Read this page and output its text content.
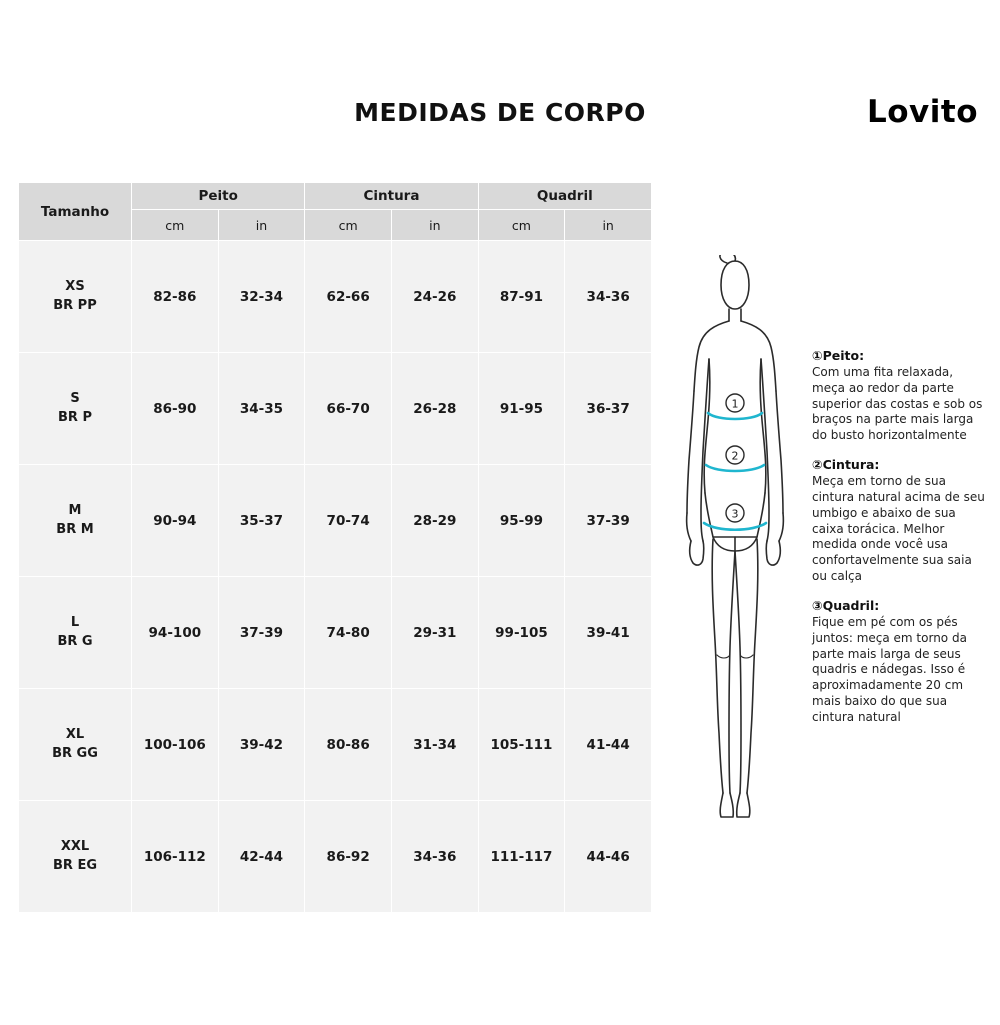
MEDIDAS DE CORPO	Lovito
Tamanho	Peito		Cintura		Quadril	
	cm	in	cm	in	cm	in

XS
BR PP	82-86	32-34	62-66	24-26	87-91	34-36

S
BR P	86-90	34-35	66-70	26-28	91-95	36-37

M
BR M	90-94	35-37	70-74	28-29	95-99	37-39

L
BR G	94-100	37-39	74-80	29-31	99-105	39-41

XL
BR GG	100-106	39-42	80-86	31-34	105-111	41-44

XXL
BR EG	106-112	42-44	86-92	34-36	111-117	44-46
1
2
3
①Peito:
Com uma fita relaxada, meça ao redor da parte superior das costas e sob os braços na parte mais larga do busto horizontalmente
②Cintura:
Meça em torno de sua cintura natural acima de seu umbigo e abaixo de sua caixa torácica. Melhor medida onde você usa confortavelmente sua saia ou calça
③Quadril:
Fique em pé com os pés juntos: meça em torno da parte mais larga de seus quadris e nádegas. Isso é aproximadamente 20 cm mais baixo do que sua cintura natural
